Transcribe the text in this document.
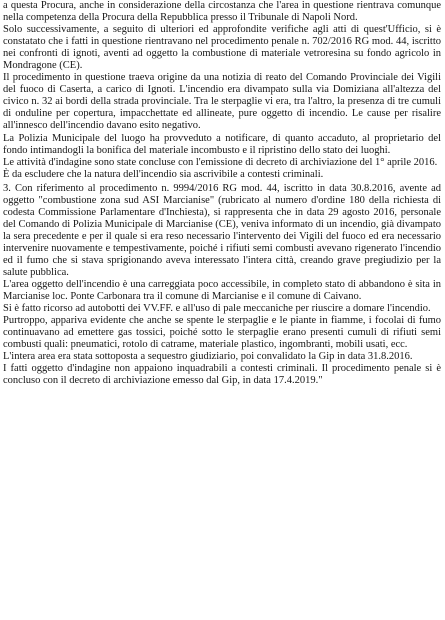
a questa Procura, anche in considerazione della circostanza che l'area in questione rientrava comunque nella competenza della Procura della Repubblica presso il Tribunale di Napoli Nord.

Solo successivamente, a seguito di ulteriori ed approfondite verifiche agli atti di quest'Ufficio, si è constatato che i fatti in questione rientravano nel procedimento penale n. 702/2016 RG mod. 44, iscritto nei confronti di ignoti, aventi ad oggetto la combustione di materiale vetroresina su fondo agricolo in Mondragone (CE).

Il procedimento in questione traeva origine da una notizia di reato del Comando Provinciale dei Vigili del fuoco di Caserta, a carico di Ignoti. L'incendio era divampato sulla via Domiziana all'altezza del civico n. 32 ai bordi della strada provinciale. Tra le sterpaglie vi era, tra l'altro, la presenza di tre cumuli di onduline per copertura, impacchettate ed allineate, pure oggetto di incendio. Le cause per risalire all'innesco dell'incendio davano esito negativo.

La Polizia Municipale del luogo ha provveduto a notificare, di quanto accaduto, al proprietario del fondo intimandogli la bonifica del materiale incombusto e il ripristino dello stato dei luoghi.

Le attività d'indagine sono state concluse con l'emissione di decreto di archiviazione del 1° aprile 2016.

È da escludere che la natura dell'incendio sia ascrivibile a contesti criminali.

3. Con riferimento al procedimento n. 9994/2016 RG mod. 44, iscritto in data 30.8.2016, avente ad oggetto "combustione zona sud ASI Marcianise" (rubricato al numero d'ordine 180 della richiesta di codesta Commissione Parlamentare d'Inchiesta), si rappresenta che in data 29 agosto 2016, personale del Comando di Polizia Municipale di Marcianise (CE), veniva informato di un incendio, già divampato la sera precedente e per il quale si era reso necessario l'intervento dei Vigili del fuoco ed era necessario intervenire nuovamente e tempestivamente, poiché i rifiuti semi combusti avevano rigenerato l'incendio ed il fumo che si stava sprigionando aveva interessato l'intera città, creando grave pregiudizio per la salute pubblica.

L'area oggetto dell'incendio è una carreggiata poco accessibile, in completo stato di abbandono è sita in Marcianise loc. Ponte Carbonara tra il comune di Marcianise e il comune di Caivano.

Si è fatto ricorso ad autobotti dei VV.FF. e all'uso di pale meccaniche per riuscire a domare l'incendio.

Purtroppo, appariva evidente che anche se spente le sterpaglie e le piante in fiamme, i focolai di fumo continuavano ad emettere gas tossici, poiché sotto le sterpaglie erano presenti cumuli di rifiuti semi combusti quali: pneumatici, rotolo di catrame, materiale plastico, ingombranti, mobili usati, ecc.

L'intera area era stata sottoposta a sequestro giudiziario, poi convalidato la Gip in data 31.8.2016.

I fatti oggetto d'indagine non appaiono inquadrabili a contesti criminali. Il procedimento penale si è concluso con il decreto di archiviazione emesso dal Gip, in data 17.4.2019."
